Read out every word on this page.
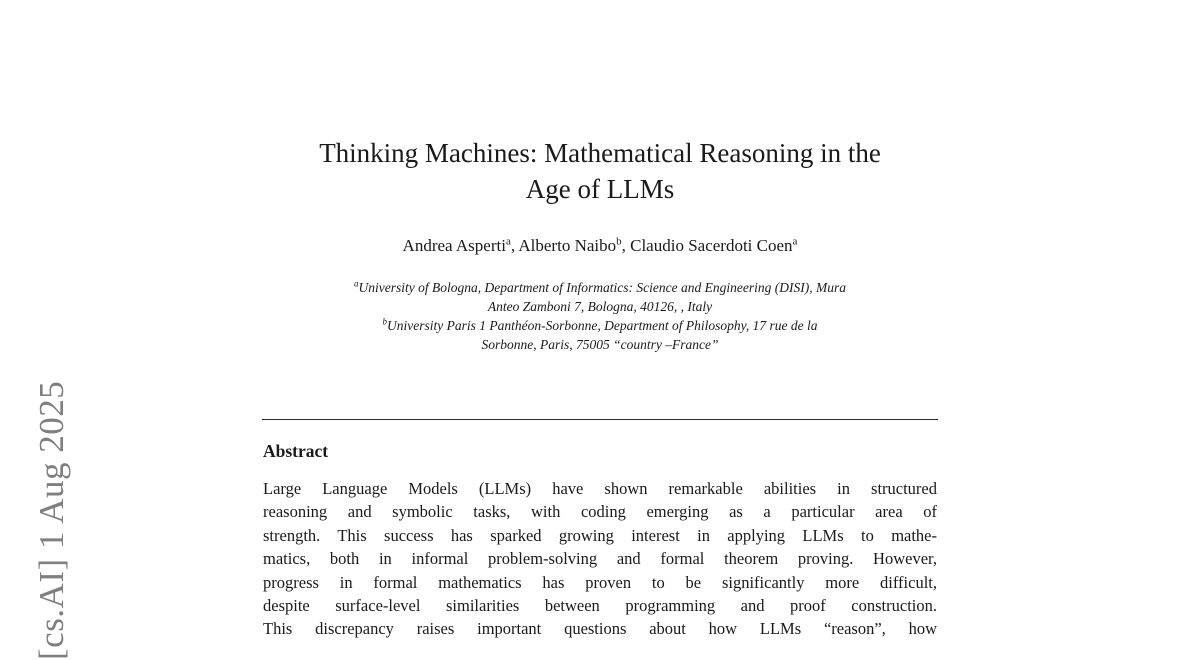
[cs.AI] 1 Aug 2025
Thinking Machines: Mathematical Reasoning in the
Age of LLMs
Andrea Asperti$^a$, Alberto Naibo$^b$, Claudio Sacerdoti Coen$^a$
$^a$University of Bologna, Department of Informatics: Science and Engineering (DISI), Mura
Anteo Zamboni 7, Bologna, 40126, , Italy
$^b$University Paris 1 Panthéon-Sorbonne, Department of Philosophy, 17 rue de la
Sorbonne, Paris, 75005 “country –France”
Abstract
Large Language Models (LLMs) have shown remarkable abilities in structured
reasoning and symbolic tasks, with coding emerging as a particular area of
strength. This success has sparked growing interest in applying LLMs to mathe-
matics, both in informal problem-solving and formal theorem proving. However,
progress in formal mathematics has proven to be significantly more difficult,
despite surface-level similarities between programming and proof construction.
This discrepancy raises important questions about how LLMs “reason”, how
